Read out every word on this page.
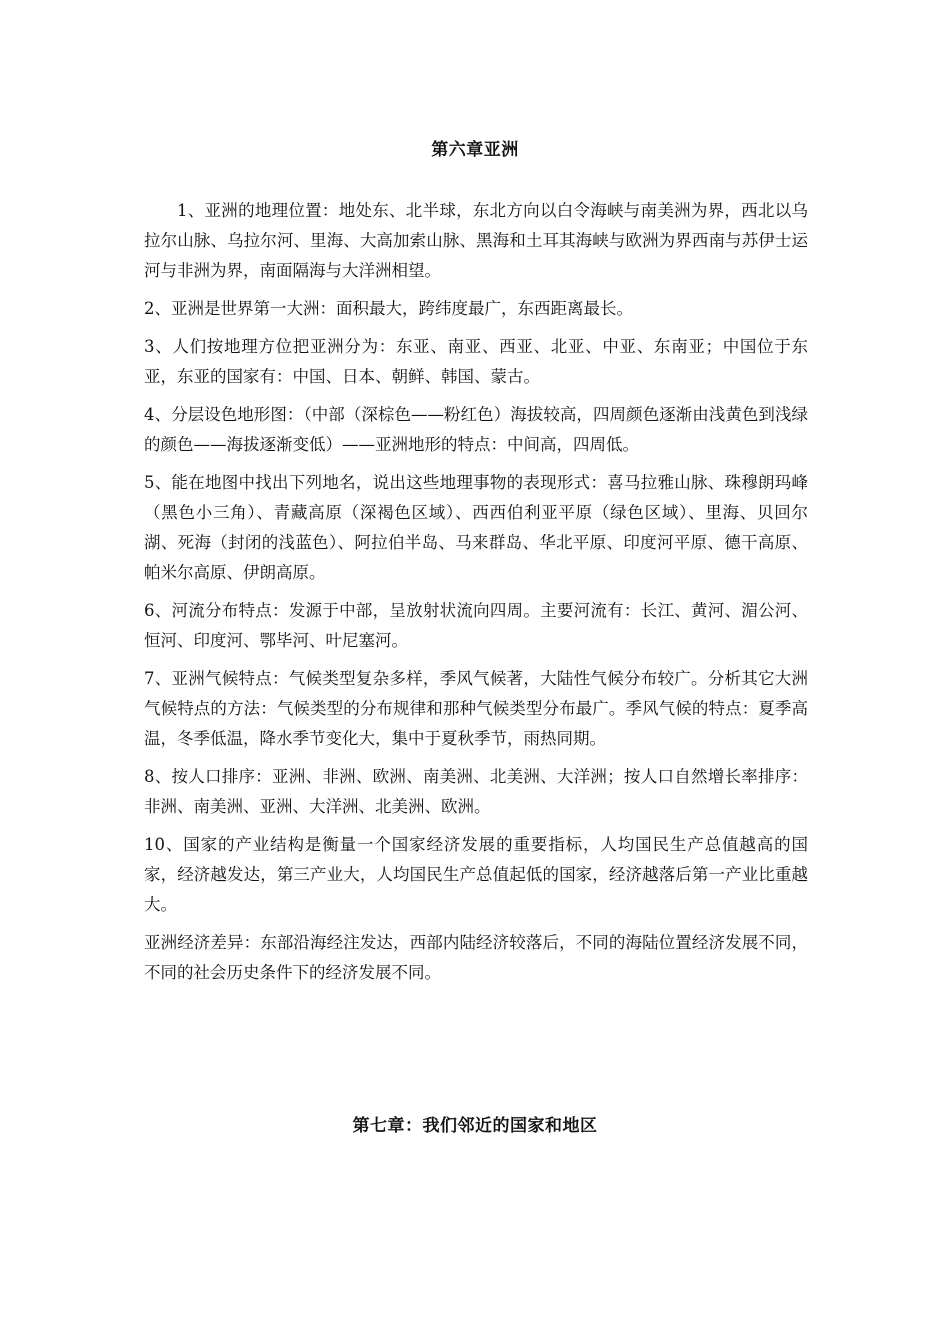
第六章亚洲

1、亚洲的地理位置：地处东、北半球，东北方向以白令海峡与南美洲为界，西北以乌拉尔山脉、乌拉尔河、里海、大高加索山脉、黑海和土耳其海峡与欧洲为界西南与苏伊士运河与非洲为界，南面隔海与大洋洲相望。

2、亚洲是世界第一大洲：面积最大，跨纬度最广，东西距离最长。

3、人们按地理方位把亚洲分为：东亚、南亚、西亚、北亚、中亚、东南亚；中国位于东亚，东亚的国家有：中国、日本、朝鲜、韩国、蒙古。

4、分层设色地形图：（中部（深棕色——粉红色）海拔较高，四周颜色逐渐由浅黄色到浅绿的颜色——海拔逐渐变低）——亚洲地形的特点：中间高，四周低。

5、能在地图中找出下列地名，说出这些地理事物的表现形式：喜马拉雅山脉、珠穆朗玛峰（黑色小三角）、青藏高原（深褐色区域）、西西伯利亚平原（绿色区域）、里海、贝回尔湖、死海（封闭的浅蓝色）、阿拉伯半岛、马来群岛、华北平原、印度河平原、德干高原、帕米尔高原、伊朗高原。

6、河流分布特点：发源于中部，呈放射状流向四周。主要河流有：长江、黄河、湄公河、恒河、印度河、鄂毕河、叶尼塞河。

7、亚洲气候特点：气候类型复杂多样，季风气候著，大陆性气候分布较广。分析其它大洲气候特点的方法：气候类型的分布规律和那种气候类型分布最广。季风气候的特点：夏季高温，冬季低温，降水季节变化大，集中于夏秋季节，雨热同期。

8、按人口排序：亚洲、非洲、欧洲、南美洲、北美洲、大洋洲；按人口自然增长率排序：非洲、南美洲、亚洲、大洋洲、北美洲、欧洲。

10、国家的产业结构是衡量一个国家经济发展的重要指标，人均国民生产总值越高的国家，经济越发达，第三产业大，人均国民生产总值起低的国家，经济越落后第一产业比重越大。

亚洲经济差异：东部沿海经注发达，西部内陆经济较落后，不同的海陆位置经济发展不同，不同的社会历史条件下的经济发展不同。

第七章：我们邻近的国家和地区
